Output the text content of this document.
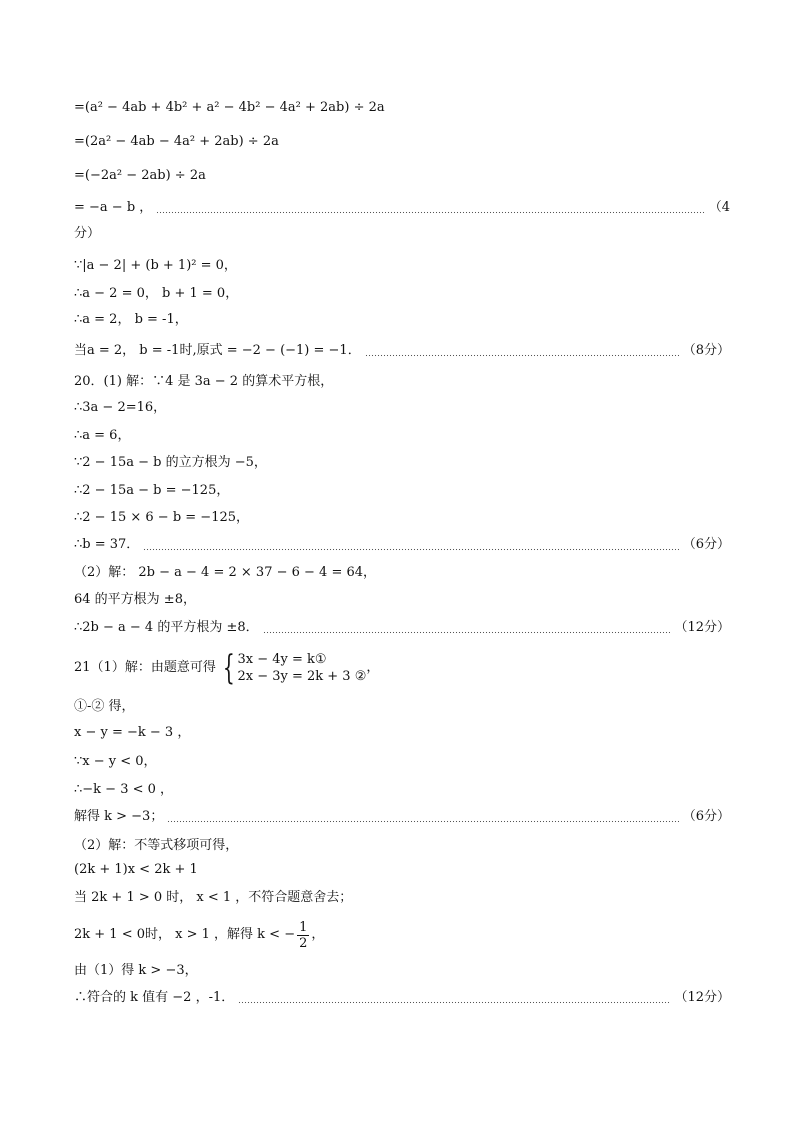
=(a² − 4ab + 4b² + a² − 4b² − 4a² + 2ab) ÷ 2a
=(2a² − 4ab − 4a² + 2ab) ÷ 2a
=(−2a² − 2ab) ÷ 2a
= −a − b ，	（4
分）
∵|a − 2| + (b + 1)² = 0，
∴a − 2 = 0， b + 1 = 0，
∴a = 2， b = -1，
当a = 2， b = -1时,原式 = −2 − (−1) = −1．	（8分）
20．(1) 解：∵4 是 3a − 2 的算术平方根，
∴3a − 2=16，
∴a = 6，
∵2 − 15a − b 的立方根为 −5，
∴2 − 15a − b = −125，
∴2 − 15 × 6 − b = −125，
∴b = 37．	（6分）
（2）解： 2b − a − 4 = 2 × 37 − 6 − 4 = 64，
64 的平方根为 ±8，
∴2b − a − 4 的平方根为 ±8．	（12分）
21（1）解：由题意可得 { 3x − 4y = k①
2x − 3y = 2k + 3 ②
，
①-② 得，
x − y = −k − 3 ，
∵x − y < 0，
∴−k − 3 < 0 ，
解得 k > −3；	（6分）
（2）解：不等式移项可得，
(2k + 1)x < 2k + 1
当 2k + 1 > 0 时， x < 1 ，不符合题意舍去；
2k + 1 < 0时， x > 1 ，解得 k < − $\frac{1}{2}$ ，
由（1）得 k > −3，
∴符合的 k 值有 −2 ，-1．	（12分）
